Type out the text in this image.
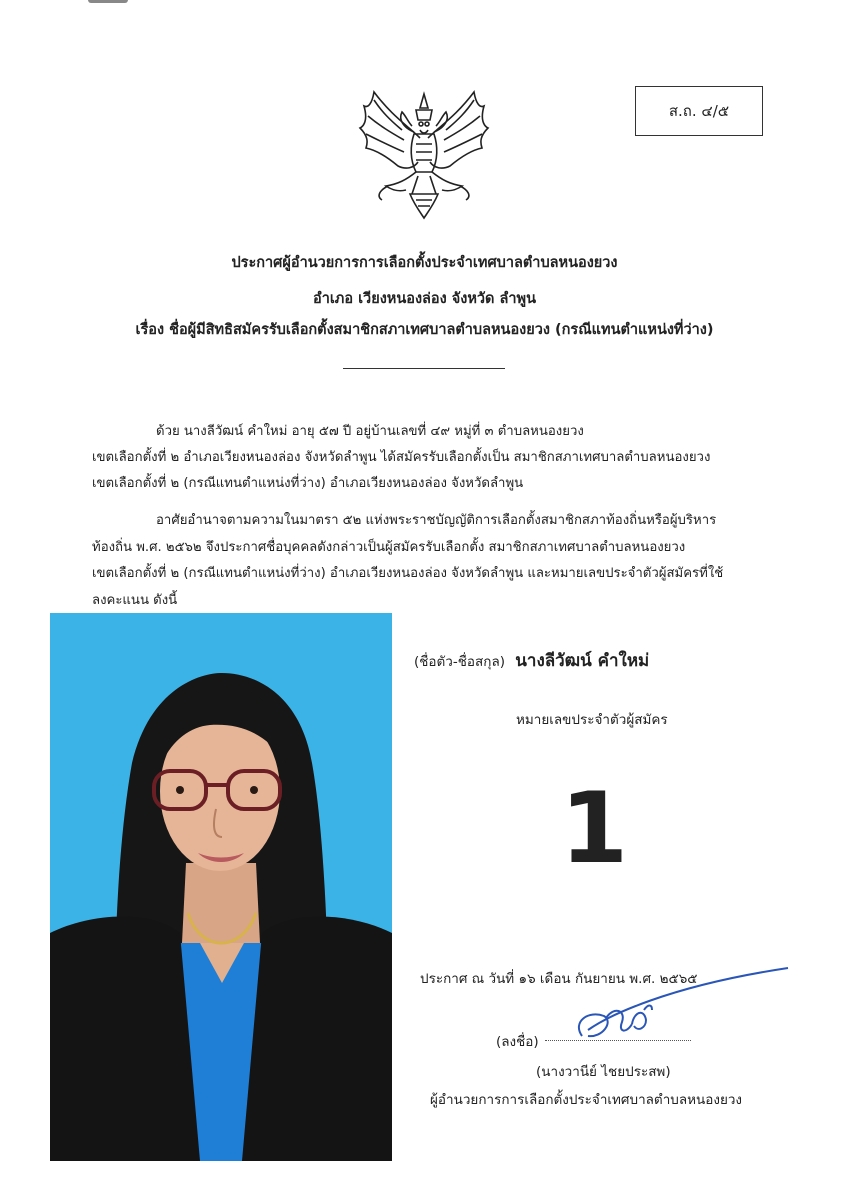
ส.ถ. ๔/๕
ประกาศผู้อำนวยการการเลือกตั้งประจำเทศบาลตำบลหนองยวง
อำเภอ เวียงหนองล่อง จังหวัด ลำพูน
เรื่อง ชื่อผู้มีสิทธิสมัครรับเลือกตั้งสมาชิกสภาเทศบาลตำบลหนองยวง (กรณีแทนตำแหน่งที่ว่าง)
ด้วย นางลีวัฒน์ คำใหม่ อายุ ๕๗ ปี อยู่บ้านเลขที่ ๔๙ หมู่ที่ ๓ ตำบลหนองยวง
เขตเลือกตั้งที่ ๒ อำเภอเวียงหนองล่อง จังหวัดลำพูน ได้สมัครรับเลือกตั้งเป็น สมาชิกสภาเทศบาลตำบลหนองยวง
เขตเลือกตั้งที่ ๒ (กรณีแทนตำแหน่งที่ว่าง) อำเภอเวียงหนองล่อง จังหวัดลำพูน
อาศัยอำนาจตามความในมาตรา ๕๒ แห่งพระราชบัญญัติการเลือกตั้งสมาชิกสภาท้องถิ่นหรือผู้บริหาร
ท้องถิ่น พ.ศ. ๒๕๖๒ จึงประกาศชื่อบุคคลดังกล่าวเป็นผู้สมัครรับเลือกตั้ง สมาชิกสภาเทศบาลตำบลหนองยวง
เขตเลือกตั้งที่ ๒ (กรณีแทนตำแหน่งที่ว่าง) อำเภอเวียงหนองล่อง จังหวัดลำพูน และหมายเลขประจำตัวผู้สมัครที่ใช้
ลงคะแนน ดังนี้
(ชื่อตัว-ชื่อสกุล) นางลีวัฒน์ คำใหม่
หมายเลขประจำตัวผู้สมัคร
1
ประกาศ ณ วันที่ ๑๖ เดือน กันยายน พ.ศ. ๒๕๖๕
(ลงชื่อ)
(นางวานีย์ ไชยประสพ)
ผู้อำนวยการการเลือกตั้งประจำเทศบาลตำบลหนองยวง
